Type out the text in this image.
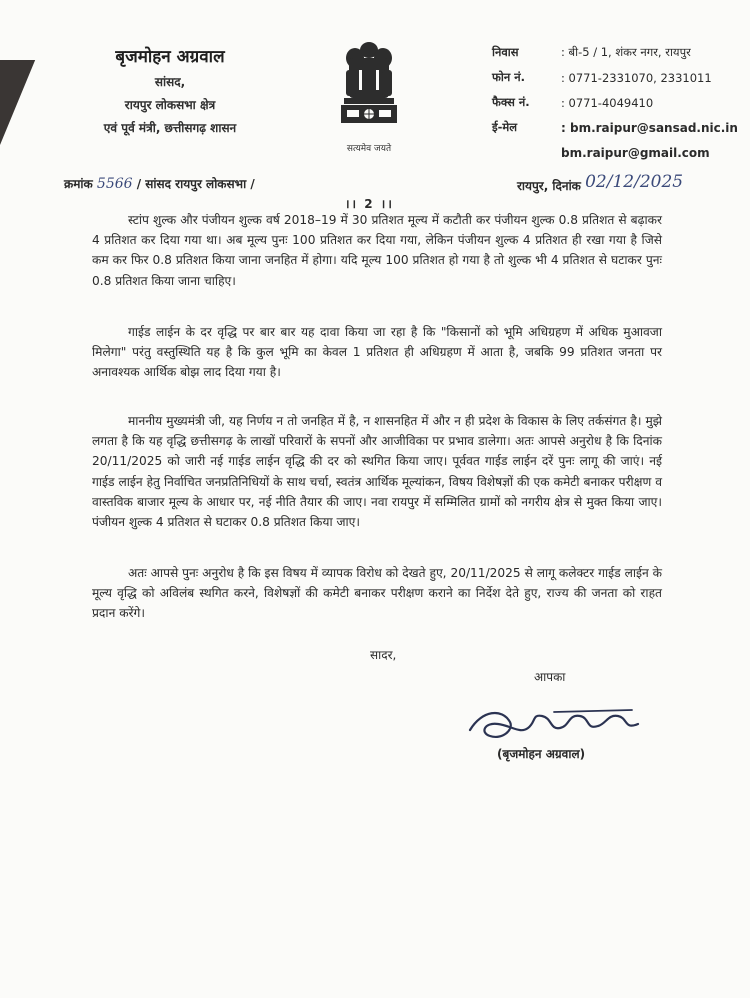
बृजमोहन अग्रवाल
सांसद,
रायपुर लोकसभा क्षेत्र
एवं पूर्व मंत्री, छत्तीसगढ़ शासन
सत्यमेव जयते
निवास	: बी-5 / 1, शंकर नगर, रायपुर
फोन नं.	: 0771-2331070, 2331011
फैक्स नं.	: 0771-4049410
ई-मेल	: bm.raipur@sansad.nic.in
bm.raipur@gmail.com
क्रमांक 5566 / सांसद रायपुर लोकसभा /	रायपुर, दिनांक 02/12/2025
।। 2 ।।

स्टांप शुल्क और पंजीयन शुल्क वर्ष 2018–19 में 30 प्रतिशत मूल्य में कटौती कर पंजीयन शुल्क 0.8 प्रतिशत से बढ़ाकर 4 प्रतिशत कर दिया गया था। अब मूल्य पुनः 100 प्रतिशत कर दिया गया, लेकिन पंजीयन शुल्क 4 प्रतिशत ही रखा गया है जिसे कम कर फिर 0.8 प्रतिशत किया जाना जनहित में होगा। यदि मूल्य 100 प्रतिशत हो गया है तो शुल्क भी 4 प्रतिशत से घटाकर पुनः 0.8 प्रतिशत किया जाना चाहिए।

गाईड लाईन के दर वृद्धि पर बार बार यह दावा किया जा रहा है कि "किसानों को भूमि अधिग्रहण में अधिक मुआवजा मिलेगा" परंतु वस्तुस्थिति यह है कि कुल भूमि का केवल 1 प्रतिशत ही अधिग्रहण में आता है, जबकि 99 प्रतिशत जनता पर अनावश्यक आर्थिक बोझ लाद दिया गया है।

माननीय मुख्यमंत्री जी, यह निर्णय न तो जनहित में है, न शासनहित में और न ही प्रदेश के विकास के लिए तर्कसंगत है। मुझे लगता है कि यह वृद्धि छत्तीसगढ़ के लाखों परिवारों के सपनों और आजीविका पर प्रभाव डालेगा। अतः आपसे अनुरोध है कि दिनांक 20/11/2025 को जारी नई गाईड लाईन वृद्धि की दर को स्थगित किया जाए। पूर्ववत गाईड लाईन दरें पुनः लागू की जाएं। नई गाईड लाईन हेतु निर्वाचित जनप्रतिनिधियों के साथ चर्चा, स्वतंत्र आर्थिक मूल्यांकन, विषय विशेषज्ञों की एक कमेटी बनाकर परीक्षण व वास्तविक बाजार मूल्य के आधार पर, नई नीति तैयार की जाए। नवा रायपुर में सम्मिलित ग्रामों को नगरीय क्षेत्र से मुक्त किया जाए। पंजीयन शुल्क 4 प्रतिशत से घटाकर 0.8 प्रतिशत किया जाए।

अतः आपसे पुनः अनुरोध है कि इस विषय में व्यापक विरोध को देखते हुए, 20/11/2025 से लागू कलेक्टर गाईड लाईन के मूल्य वृद्धि को अविलंब स्थगित करने, विशेषज्ञों की कमेटी बनाकर परीक्षण कराने का निर्देश देते हुए, राज्य की जनता को राहत प्रदान करेंगे।

सादर,
आपका
(बृजमोहन अग्रवाल)
